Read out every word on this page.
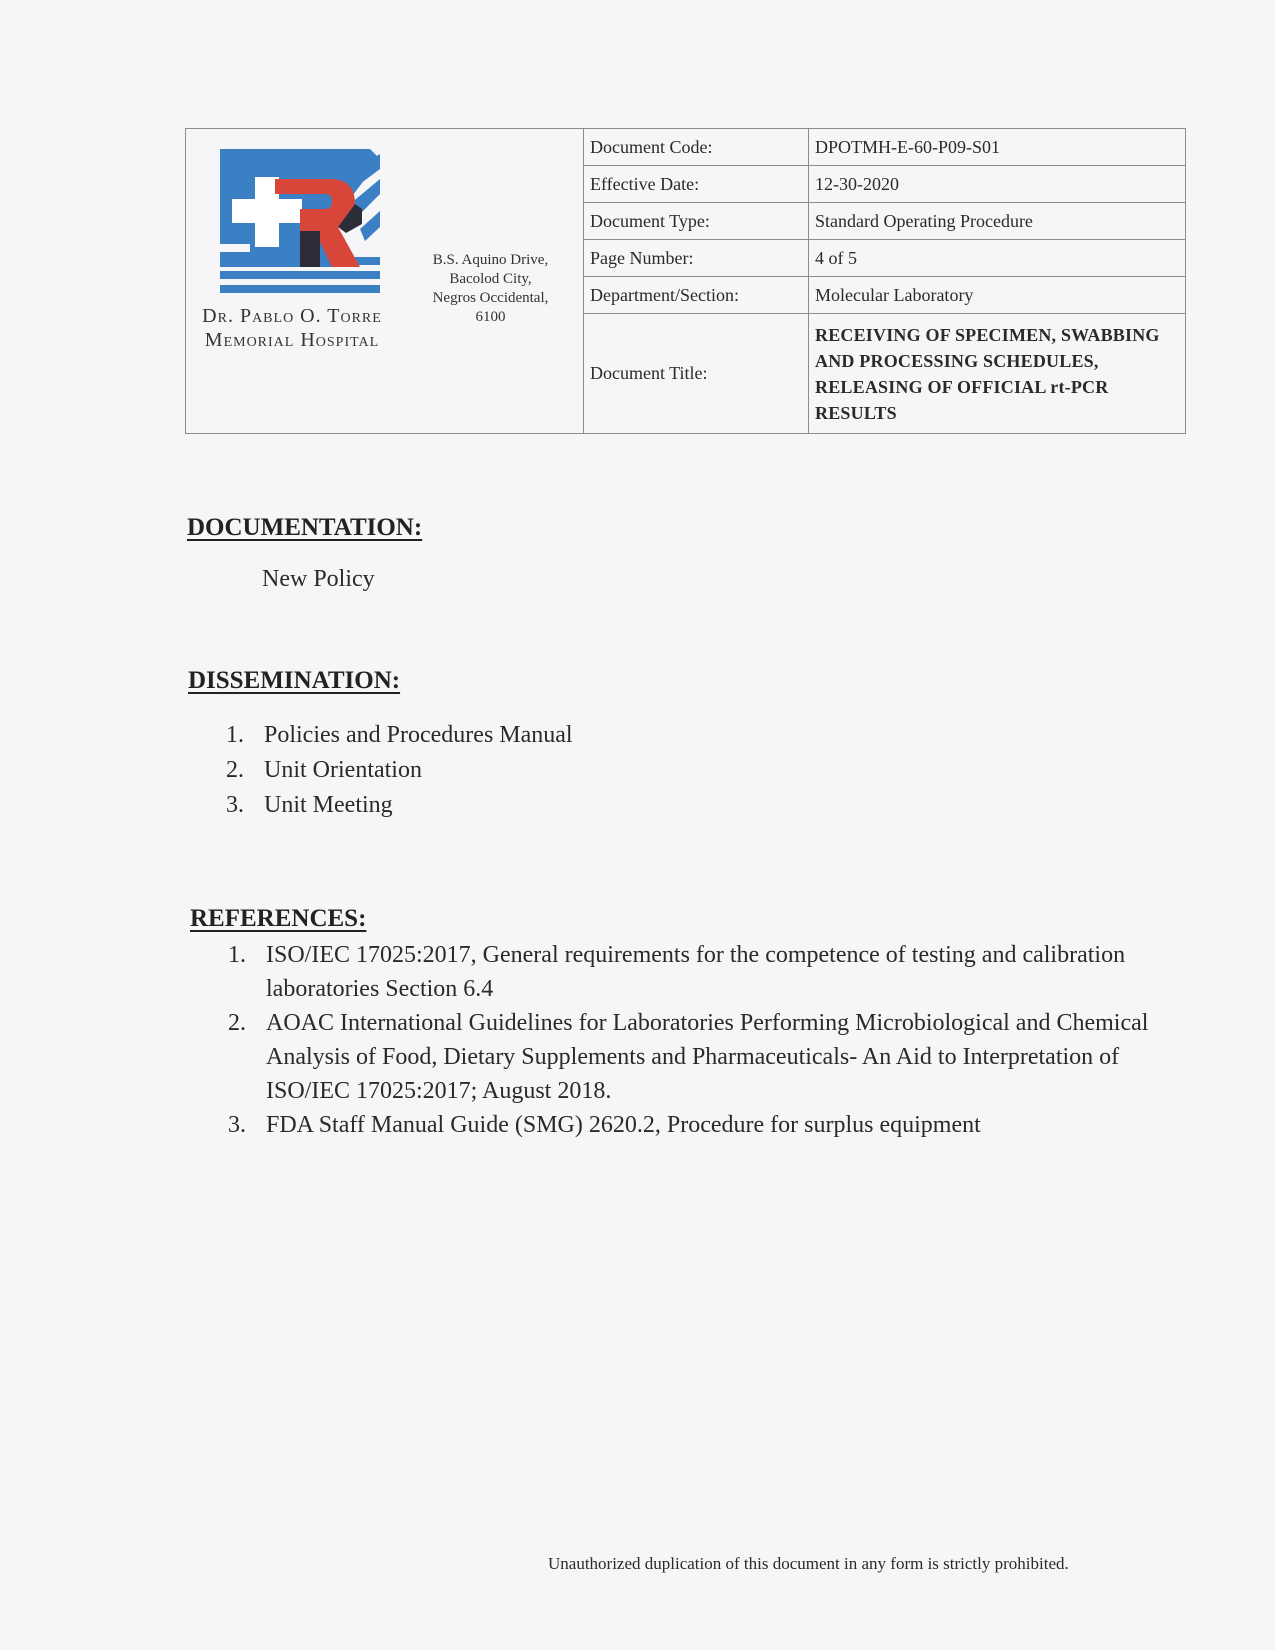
Dr. Pablo O. Torre
Memorial Hospital
B.S. Aquino Drive,
Bacolod City,
Negros Occidental,
6100
Document Code:	DPOTMH-E-60-P09-S01
Effective Date:	12-30-2020
Document Type:	Standard Operating Procedure
Page Number:	4 of 5
Department/Section:	Molecular Laboratory
Document Title:
RECEIVING OF SPECIMEN, SWABBING AND PROCESSING SCHEDULES, RELEASING OF OFFICIAL rt-PCR RESULTS
DOCUMENTATION:
New Policy
DISSEMINATION:
1. Policies and Procedures Manual
2. Unit Orientation
3. Unit Meeting
REFERENCES:
1. ISO/IEC 17025:2017, General requirements for the competence of testing and calibration laboratories Section 6.4
2. AOAC International Guidelines for Laboratories Performing Microbiological and Chemical Analysis of Food, Dietary Supplements and Pharmaceuticals- An Aid to Interpretation of ISO/IEC 17025:2017; August 2018.
3. FDA Staff Manual Guide (SMG) 2620.2, Procedure for surplus equipment
Unauthorized duplication of this document in any form is strictly prohibited.
